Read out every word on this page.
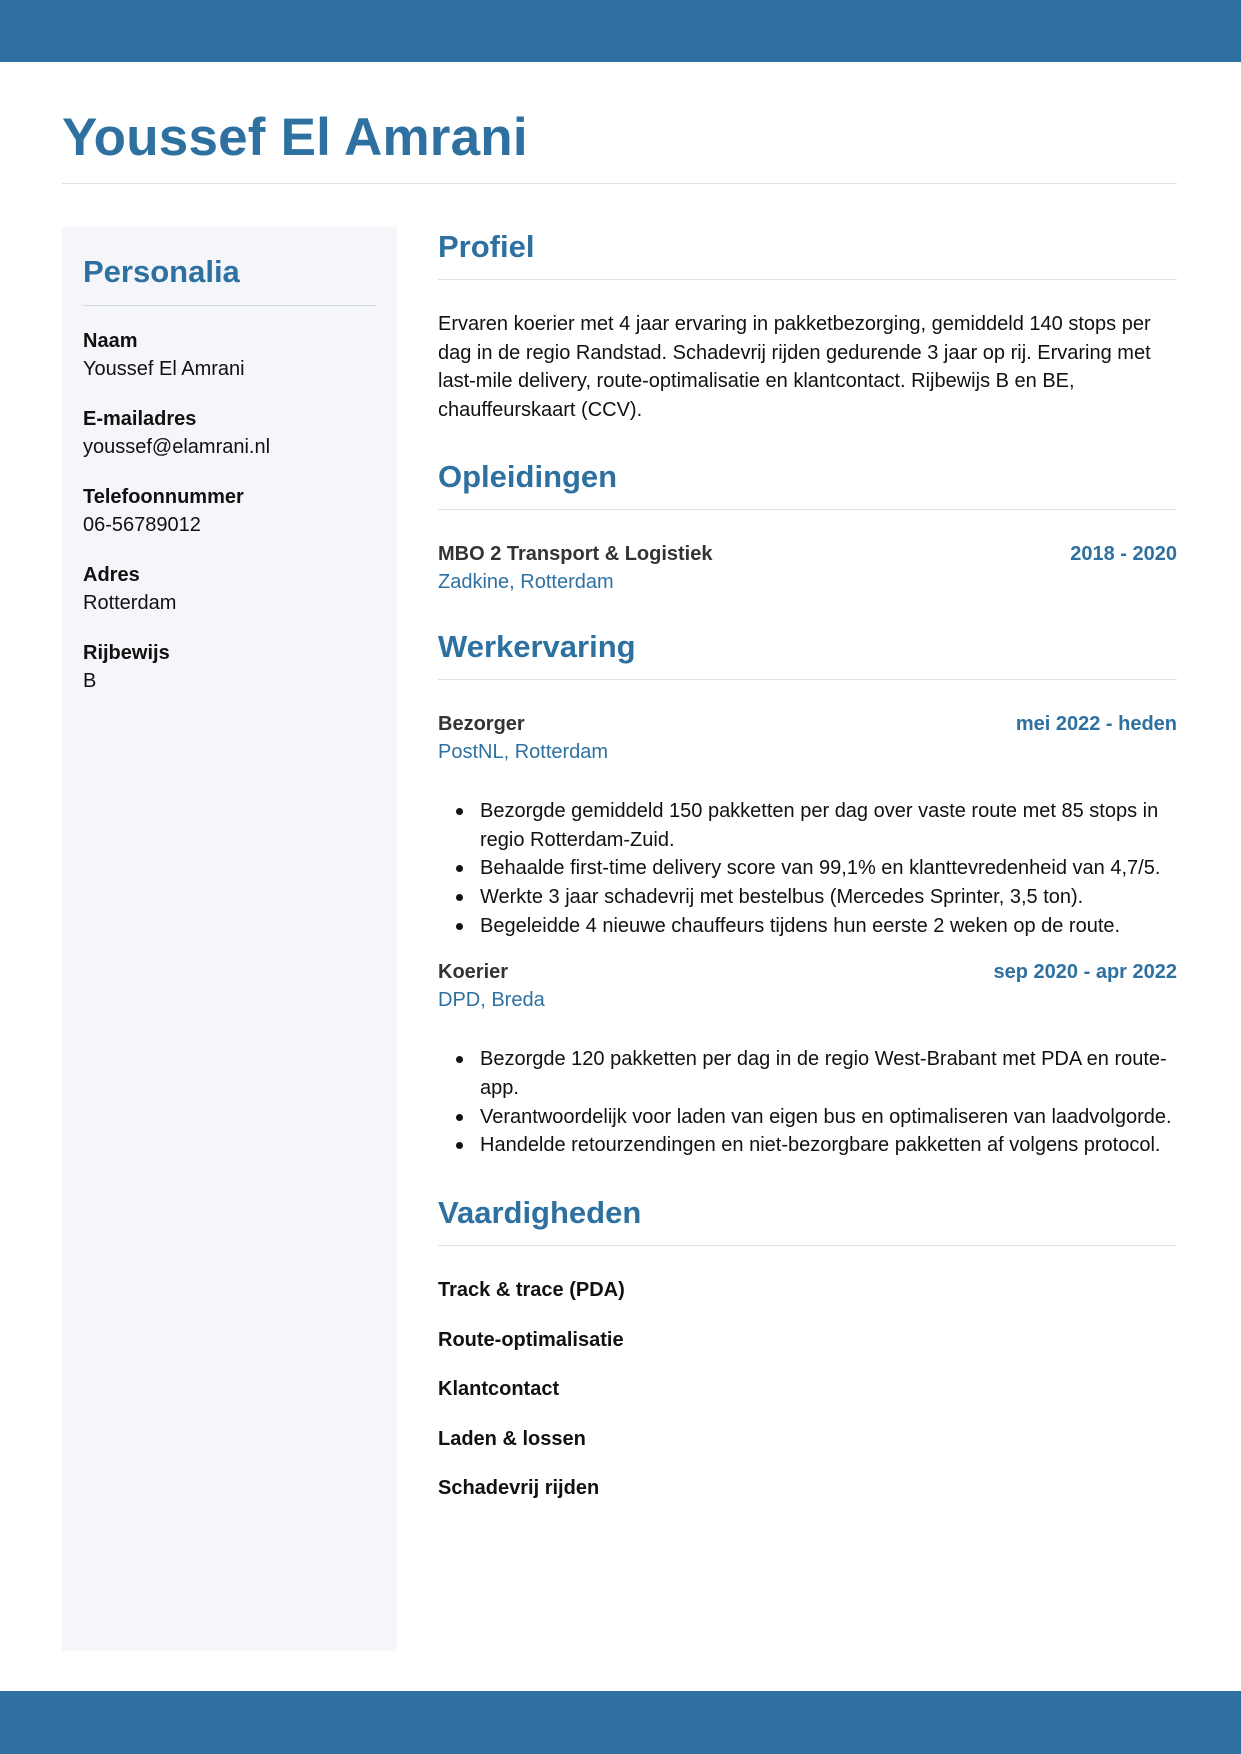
Youssef El Amrani
Personalia
Naam
Youssef El Amrani
E-mailadres
youssef@elamrani.nl
Telefoonnummer
06-56789012
Adres
Rotterdam
Rijbewijs
B
Profiel

Ervaren koerier met 4 jaar ervaring in pakketbezorging, gemiddeld 140 stops per dag in de regio Randstad. Schadevrij rijden gedurende 3 jaar op rij. Ervaring met last-mile delivery, route-optimalisatie en klantcontact. Rijbewijs B en BE, chauffeurskaart (CCV).

Opleidingen
MBO 2 Transport & Logistiek	2018 - 2020
Zadkine, Rotterdam
Werkervaring
Bezorger	mei 2022 - heden
PostNL, Rotterdam
Bezorgde gemiddeld 150 pakketten per dag over vaste route met 85 stops in regio Rotterdam-Zuid.
Behaalde first-time delivery score van 99,1% en klanttevredenheid van 4,7/5.
Werkte 3 jaar schadevrij met bestelbus (Mercedes Sprinter, 3,5 ton).
Begeleidde 4 nieuwe chauffeurs tijdens hun eerste 2 weken op de route.
Koerier	sep 2020 - apr 2022
DPD, Breda
Bezorgde 120 pakketten per dag in de regio West-Brabant met PDA en route-app.
Verantwoordelijk voor laden van eigen bus en optimaliseren van laadvolgorde.
Handelde retourzendingen en niet-bezorgbare pakketten af volgens protocol.
Vaardigheden
Track & trace (PDA)
Route-optimalisatie
Klantcontact
Laden & lossen
Schadevrij rijden
